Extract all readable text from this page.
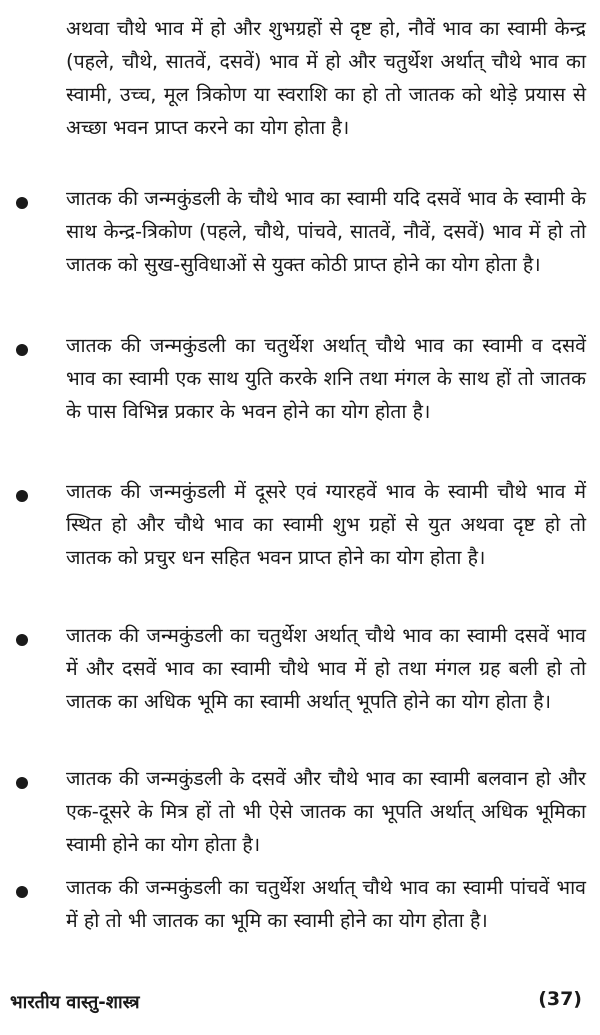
अथवा चौथे भाव में हो और शुभग्रहों से दृष्ट हो, नौवें भाव का स्वामी केन्द्र (पहले, चौथे, सातवें, दसवें) भाव में हो और चतुर्थेश अर्थात् चौथे भाव का स्वामी, उच्च, मूल त्रिकोण या स्वराशि का हो तो जातक को थोड़े प्रयास से अच्छा भवन प्राप्त करने का योग होता है।

जातक की जन्मकुंडली के चौथे भाव का स्वामी यदि दसवें भाव के स्वामी के साथ केन्द्र-त्रिकोण (पहले, चौथे, पांचवे, सातवें, नौवें, दसवें) भाव में हो तो जातक को सुख-सुविधाओं से युक्त कोठी प्राप्त होने का योग होता है।

जातक की जन्मकुंडली का चतुर्थेश अर्थात् चौथे भाव का स्वामी व दसवें भाव का स्वामी एक साथ युति करके शनि तथा मंगल के साथ हों तो जातक के पास विभिन्न प्रकार के भवन होने का योग होता है।

जातक की जन्मकुंडली में दूसरे एवं ग्यारहवें भाव के स्वामी चौथे भाव में स्थित हो और चौथे भाव का स्वामी शुभ ग्रहों से युत अथवा दृष्ट हो तो जातक को प्रचुर धन सहित भवन प्राप्त होने का योग होता है।

जातक की जन्मकुंडली का चतुर्थेश अर्थात् चौथे भाव का स्वामी दसवें भाव में और दसवें भाव का स्वामी चौथे भाव में हो तथा मंगल ग्रह बली हो तो जातक का अधिक भूमि का स्वामी अर्थात् भूपति होने का योग होता है।

जातक की जन्मकुंडली के दसवें और चौथे भाव का स्वामी बलवान हो और एक-दूसरे के मित्र हों तो भी ऐसे जातक का भूपति अर्थात् अधिक भूमिका स्वामी होने का योग होता है।

जातक की जन्मकुंडली का चतुर्थेश अर्थात् चौथे भाव का स्वामी पांचवें भाव में हो तो भी जातक का भूमि का स्वामी होने का योग होता है।

भारतीय वास्तु-शास्त्र	(37)
